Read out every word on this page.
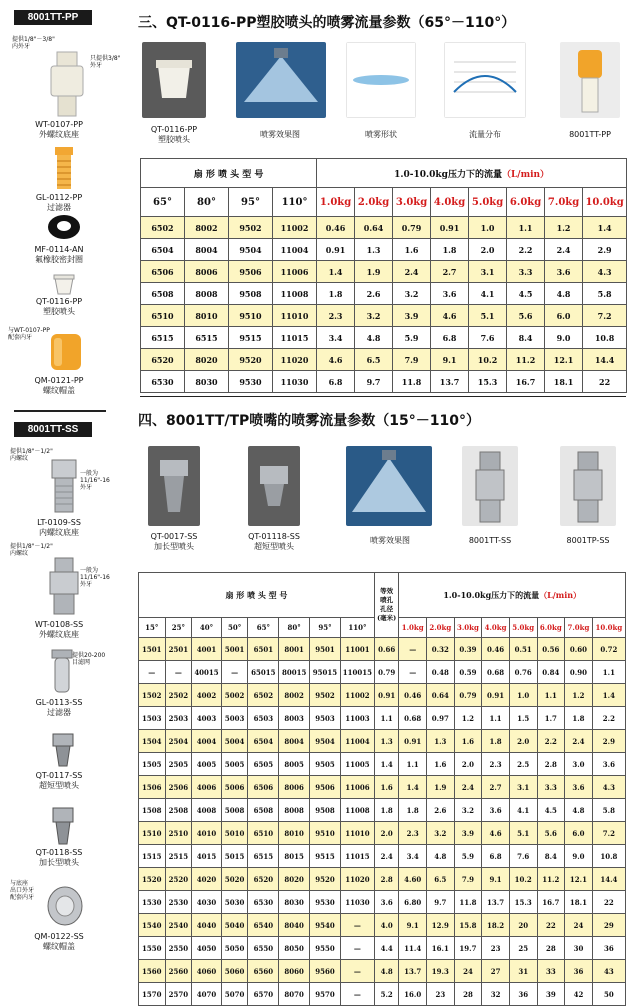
8001TT-PP
提供1/8"－3/8"
内外牙
只提供3/8"
外牙
WT-0107-PP
外螺纹底座
GL-0112-PP
过滤器
MF-0114-AN
氟橡胶密封圈
QT-0116-PP
塑胶喷头
与WT-0107-PP
配套内牙
QM-0121-PP
螺纹帽盖
8001TT-SS
提供1/8"－1/2"
内螺纹
一般为
11/16"-16
外牙
LT-0109-SS
内螺纹底座
提供1/8"－1/2"
内螺纹
一般为
11/16"-16
外牙
WT-0108-SS
外螺纹底座
提供20-200
目滤网
GL-0113-SS
过滤器
QT-0117-SS
超短型喷头
QT-0118-SS
加长型喷头
与底座
出口外牙
配套内牙
QM-0122-SS
螺纹帽盖
三、QT-0116-PP塑胶喷头的喷雾流量参数（65°－110°）
QT-0116-PP
塑胶喷头
喷雾效果图	喷雾形状	流量分布	8001TT-PP
扇 形 喷 头 型 号				1.0-10.0kg压力下的流量（L/min）							
65°	80°	95°	110°	1.0kg	2.0kg	3.0kg	4.0kg	5.0kg	6.0kg	7.0kg	10.0kg
6502	8002	9502	11002	0.46	0.64	0.79	0.91	1.0	1.1	1.2	1.4
6504	8004	9504	11004	0.91	1.3	1.6	1.8	2.0	2.2	2.4	2.9
6506	8006	9506	11006	1.4	1.9	2.4	2.7	3.1	3.3	3.6	4.3
6508	8008	9508	11008	1.8	2.6	3.2	3.6	4.1	4.5	4.8	5.8
6510	8010	9510	11010	2.3	3.2	3.9	4.6	5.1	5.6	6.0	7.2
6515	6515	9515	11015	3.4	4.8	5.9	6.8	7.6	8.4	9.0	10.8
6520	8020	9520	11020	4.6	6.5	7.9	9.1	10.2	11.2	12.1	14.4
6530	8030	9530	11030	6.8	9.7	11.8	13.7	15.3	16.7	18.1	22
四、8001TT/TP喷嘴的喷雾流量参数（15°－110°）
QT-0017-SS
加长型喷头
QT-01118-SS
超短型喷头
喷雾效果图	8001TT-SS	8001TP-SS
扇 形 喷 头 型 号								等效
喷孔
孔径
(毫米)	1.0-10.0kg压力下的流量（L/min）							
15°	25°	40°	50°	65°	80°	95°	110°		1.0kg	2.0kg	3.0kg	4.0kg	5.0kg	6.0kg	7.0kg	10.0kg
1501	2501	4001	5001	6501	8001	9501	11001	0.66	—	0.32	0.39	0.46	0.51	0.56	0.60	0.72
—	—	40015	—	65015	80015	95015	110015	0.79	—	0.48	0.59	0.68	0.76	0.84	0.90	1.1
1502	2502	4002	5002	6502	8002	9502	11002	0.91	0.46	0.64	0.79	0.91	1.0	1.1	1.2	1.4
1503	2503	4003	5003	6503	8003	9503	11003	1.1	0.68	0.97	1.2	1.1	1.5	1.7	1.8	2.2
1504	2504	4004	5004	6504	8004	9504	11004	1.3	0.91	1.3	1.6	1.8	2.0	2.2	2.4	2.9
1505	2505	4005	5005	6505	8005	9505	11005	1.4	1.1	1.6	2.0	2.3	2.5	2.8	3.0	3.6
1506	2506	4006	5006	6506	8006	9506	11006	1.6	1.4	1.9	2.4	2.7	3.1	3.3	3.6	4.3
1508	2508	4008	5008	6508	8008	9508	11008	1.8	1.8	2.6	3.2	3.6	4.1	4.5	4.8	5.8
1510	2510	4010	5010	6510	8010	9510	11010	2.0	2.3	3.2	3.9	4.6	5.1	5.6	6.0	7.2
1515	2515	4015	5015	6515	8015	9515	11015	2.4	3.4	4.8	5.9	6.8	7.6	8.4	9.0	10.8
1520	2520	4020	5020	6520	8020	9520	11020	2.8	4.60	6.5	7.9	9.1	10.2	11.2	12.1	14.4
1530	2530	4030	5030	6530	8030	9530	11030	3.6	6.80	9.7	11.8	13.7	15.3	16.7	18.1	22
1540	2540	4040	5040	6540	8040	9540	—	4.0	9.1	12.9	15.8	18.2	20	22	24	29
1550	2550	4050	5050	6550	8050	9550	—	4.4	11.4	16.1	19.7	23	25	28	30	36
1560	2560	4060	5060	6560	8060	9560	—	4.8	13.7	19.3	24	27	31	33	36	43
1570	2570	4070	5070	6570	8070	9570	—	5.2	16.0	23	28	32	36	39	42	50
